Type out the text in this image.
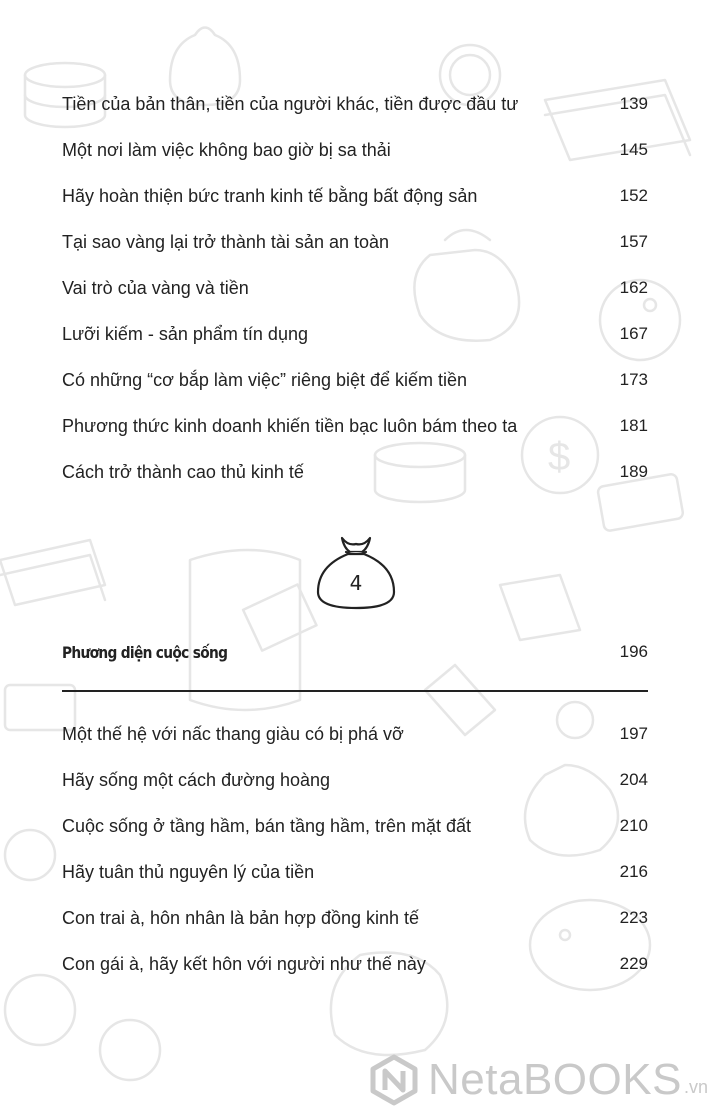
$
Tiền của bản thân, tiền của người khác, tiền được đầu tư	139
Một nơi làm việc không bao giờ bị sa thải	145
Hãy hoàn thiện bức tranh kinh tế bằng bất động sản	152
Tại sao vàng lại trở thành tài sản an toàn	157
Vai trò của vàng và tiền	162
Lưỡi kiếm - sản phẩm tín dụng	167
Có những “cơ bắp làm việc” riêng biệt để kiếm tiền	173
Phương thức kinh doanh khiến tiền bạc luôn bám theo ta	181
Cách trở thành cao thủ kinh tế	189
4
Phương diện cuộc sống	196
Một thế hệ với nấc thang giàu có bị phá vỡ	197
Hãy sống một cách đường hoàng	204
Cuộc sống ở tầng hầm, bán tầng hầm, trên mặt đất	210
Hãy tuân thủ nguyên lý của tiền	216
Con trai à, hôn nhân là bản hợp đồng kinh tế	223
Con gái à, hãy kết hôn với người như thế này	229
NetaBOOKS .vn
